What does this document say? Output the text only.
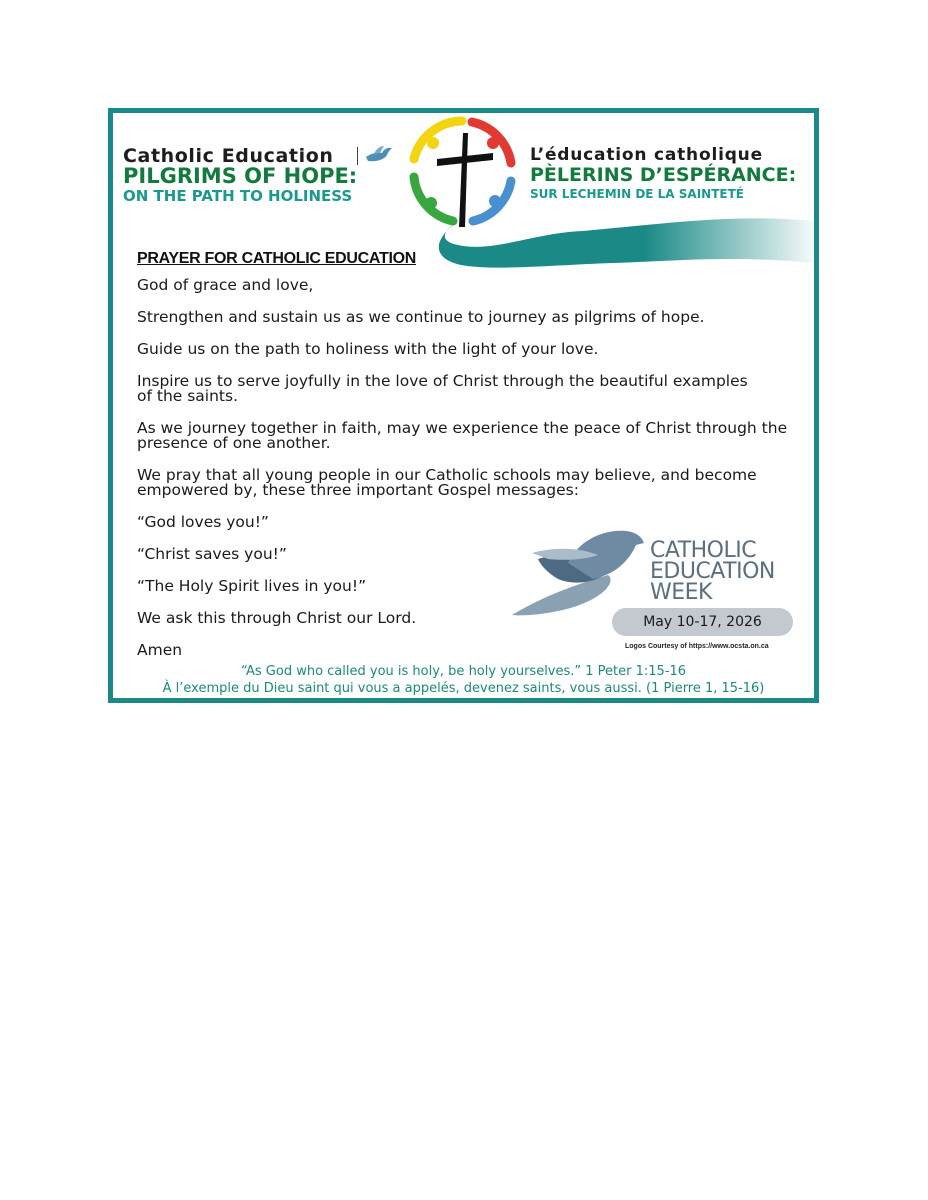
Catholic Education
PILGRIMS OF HOPE:
ON THE PATH TO HOLINESS
L’éducation catholique
PÈLERINS D’ESPÉRANCE:
SUR LECHEMIN DE LA SAINTETÉ
PRAYER FOR CATHOLIC EDUCATION

God of grace and love,

Strengthen and sustain us as we continue to journey as pilgrims of hope.

Guide us on the path to holiness with the light of your love.

Inspire us to serve joyfully in the love of Christ through the beautiful examples of the saints.

As we journey together in faith, may we experience the peace of Christ through the presence of one another.

We pray that all young people in our Catholic schools may believe, and become empowered by, these three important Gospel messages:

“God loves you!”

“Christ saves you!”

“The Holy Spirit lives in you!”

We ask this through Christ our Lord.

Amen

CATHOLIC
EDUCATION
WEEK
May 10-17, 2026
Logos Courtesy of https://www.ocsta.on.ca
“As God who called you is holy, be holy yourselves.” 1 Peter 1:15-16
À l’exemple du Dieu saint qui vous a appelés, devenez saints, vous aussi. (1 Pierre 1, 15-16)
